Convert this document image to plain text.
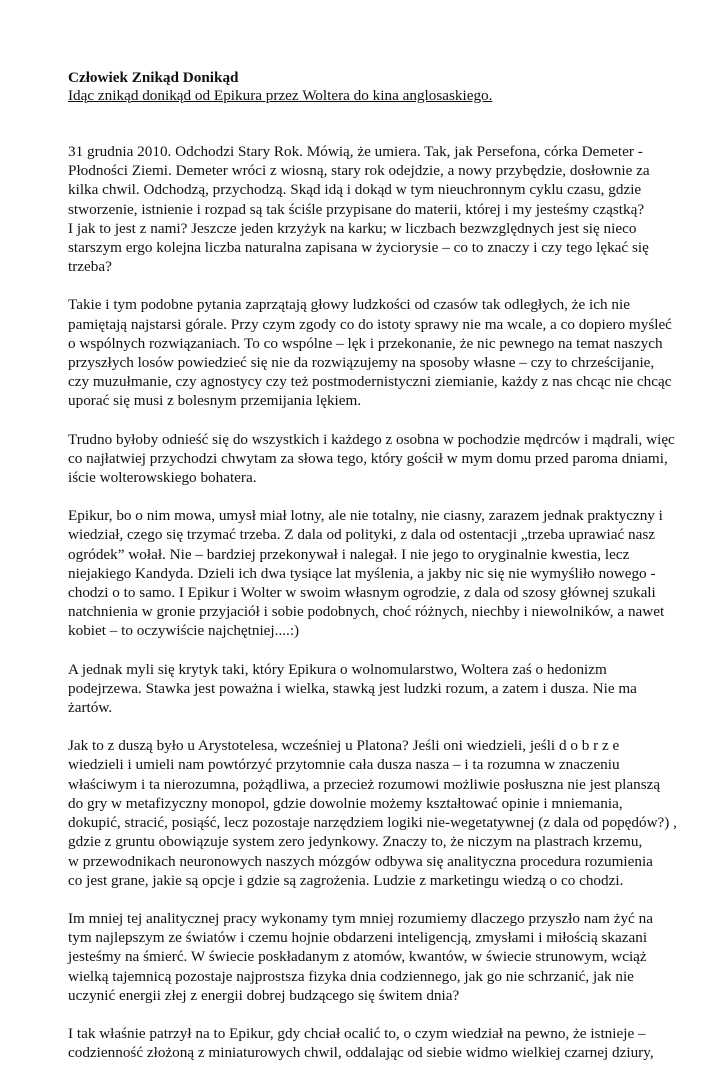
Człowiek Znikąd Donikąd

Idąc znikąd donikąd od Epikura przez Woltera do kina anglosaskiego.

31 grudnia 2010. Odchodzi Stary Rok. Mówią, że umiera. Tak, jak Persefona, córka Demeter -
Płodności Ziemi. Demeter wróci z wiosną, stary rok odejdzie, a nowy przybędzie, dosłownie za
kilka chwil. Odchodzą, przychodzą. Skąd idą i dokąd w tym nieuchronnym cyklu czasu, gdzie
stworzenie, istnienie i rozpad są tak ściśle przypisane do materii, której i my jesteśmy cząstką?
I jak to jest z nami? Jeszcze jeden krzyżyk na karku; w liczbach bezwzględnych jest się nieco
starszym ergo kolejna liczba naturalna zapisana w życiorysie – co to znaczy i czy tego lękać się
trzeba?

Takie i tym podobne pytania zaprzątają głowy ludzkości od czasów tak odległych, że ich nie
pamiętają najstarsi górale. Przy czym zgody co do istoty sprawy nie ma wcale, a co dopiero myśleć
o wspólnych rozwiązaniach. To co wspólne – lęk i przekonanie, że nic pewnego na temat naszych
przyszłych losów powiedzieć się nie da rozwiązujemy na sposoby własne – czy to chrześcijanie,
czy muzułmanie, czy agnostycy czy też postmodernistyczni ziemianie, każdy z nas chcąc nie chcąc
uporać się musi z bolesnym przemijania lękiem.

Trudno byłoby odnieść się do wszystkich i każdego z osobna w pochodzie mędrców i mądrali, więc
co najłatwiej przychodzi chwytam za słowa tego, który gościł w mym domu przed paroma dniami,
iście wolterowskiego bohatera.

Epikur, bo o nim mowa, umysł miał lotny, ale nie totalny, nie ciasny, zarazem jednak praktyczny i
wiedział, czego się trzymać trzeba. Z dala od polityki, z dala od ostentacji „trzeba uprawiać nasz
ogródek” wołał. Nie – bardziej przekonywał i nalegał. I nie jego to oryginalnie kwestia, lecz
niejakiego Kandyda. Dzieli ich dwa tysiące lat myślenia, a jakby nic się nie wymyśliło nowego -
chodzi o to samo. I Epikur i Wolter w swoim własnym ogrodzie, z dala od szosy głównej szukali
natchnienia w gronie przyjaciół i sobie podobnych, choć różnych, niechby i niewolników, a nawet
kobiet – to oczywiście najchętniej....:)

A jednak myli się krytyk taki, który Epikura o wolnomularstwo, Woltera zaś o hedonizm
podejrzewa. Stawka jest poważna i wielka, stawką jest ludzki rozum, a zatem i dusza. Nie ma
żartów.

Jak to z duszą było u Arystotelesa, wcześniej u Platona? Jeśli oni wiedzieli, jeśli d o b r z e
wiedzieli i umieli nam powtórzyć przytomnie cała dusza nasza – i ta rozumna w znaczeniu
właściwym i ta nierozumna, pożądliwa, a przecież rozumowi możliwie posłuszna nie jest planszą
do gry w metafizyczny monopol, gdzie dowolnie możemy kształtować opinie i mniemania,
dokupić, stracić, posiąść, lecz pozostaje narzędziem logiki nie-wegetatywnej (z dala od popędów?) ,
gdzie z gruntu obowiązuje system zero jedynkowy. Znaczy to, że niczym na plastrach krzemu,
w przewodnikach neuronowych naszych mózgów odbywa się analityczna procedura rozumienia
co jest grane, jakie są opcje i gdzie są zagrożenia. Ludzie z marketingu wiedzą o co chodzi.

Im mniej tej analitycznej pracy wykonamy tym mniej rozumiemy dlaczego przyszło nam żyć na
tym najlepszym ze światów i czemu hojnie obdarzeni inteligencją, zmysłami i miłością skazani
jesteśmy na śmierć. W świecie poskładanym z atomów, kwantów, w świecie strunowym, wciąż
wielką tajemnicą pozostaje najprostsza fizyka dnia codziennego, jak go nie schrzanić, jak nie
uczynić energii złej z energii dobrej budzącego się świtem dnia?

I tak właśnie patrzył na to Epikur, gdy chciał ocalić to, o czym wiedział na pewno, że istnieje –
codzienność złożoną z miniaturowych chwil, oddalając od siebie widmo wielkiej czarnej dziury,
